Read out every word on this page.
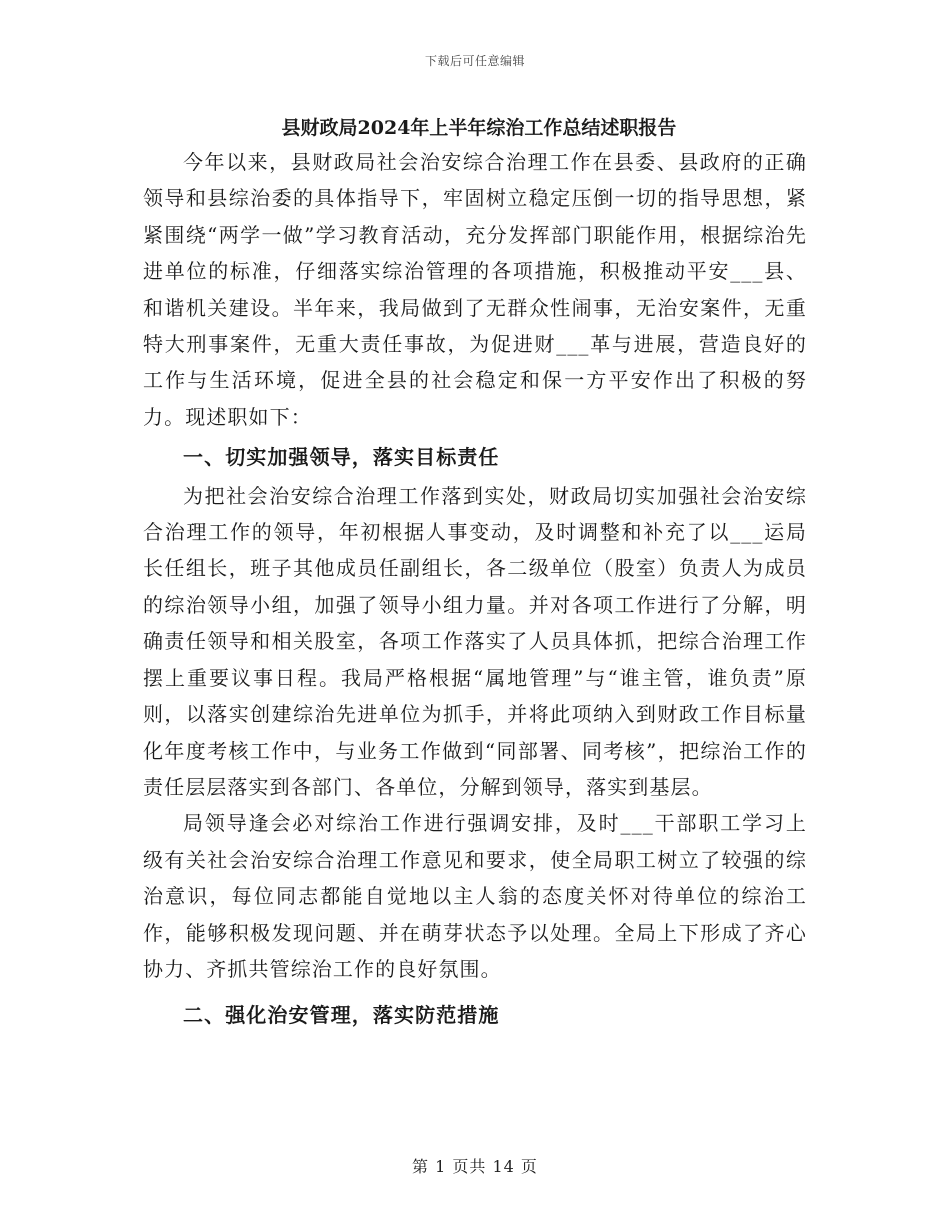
下载后可任意编辑
县财政局2024年上半年综治工作总结述职报告

今年以来，县财政局社会治安综合治理工作在县委、县政府的正确领导和县综治委的具体指导下，牢固树立稳定压倒一切的指导思想，紧紧围绕“两学一做”学习教育活动，充分发挥部门职能作用，根据综治先进单位的标准，仔细落实综治管理的各项措施，积极推动平安___县、和谐机关建设。半年来，我局做到了无群众性闹事，无治安案件，无重特大刑事案件，无重大责任事故，为促进财___革与进展，营造良好的工作与生活环境，促进全县的社会稳定和保一方平安作出了积极的努力。现述职如下：

一、切实加强领导，落实目标责任

为把社会治安综合治理工作落到实处，财政局切实加强社会治安综合治理工作的领导，年初根据人事变动，及时调整和补充了以___运局长任组长，班子其他成员任副组长，各二级单位（股室）负责人为成员的综治领导小组，加强了领导小组力量。并对各项工作进行了分解，明确责任领导和相关股室，各项工作落实了人员具体抓，把综合治理工作摆上重要议事日程。我局严格根据“属地管理”与“谁主管，谁负责”原则，以落实创建综治先进单位为抓手，并将此项纳入到财政工作目标量化年度考核工作中，与业务工作做到“同部署、同考核”，把综治工作的责任层层落实到各部门、各单位，分解到领导，落实到基层。

局领导逢会必对综治工作进行强调安排，及时___干部职工学习上级有关社会治安综合治理工作意见和要求，使全局职工树立了较强的综治意识，每位同志都能自觉地以主人翁的态度关怀对待单位的综治工作，能够积极发现问题、并在萌芽状态予以处理。全局上下形成了齐心协力、齐抓共管综治工作的良好氛围。

二、强化治安管理，落实防范措施
第 1 页共 14 页
